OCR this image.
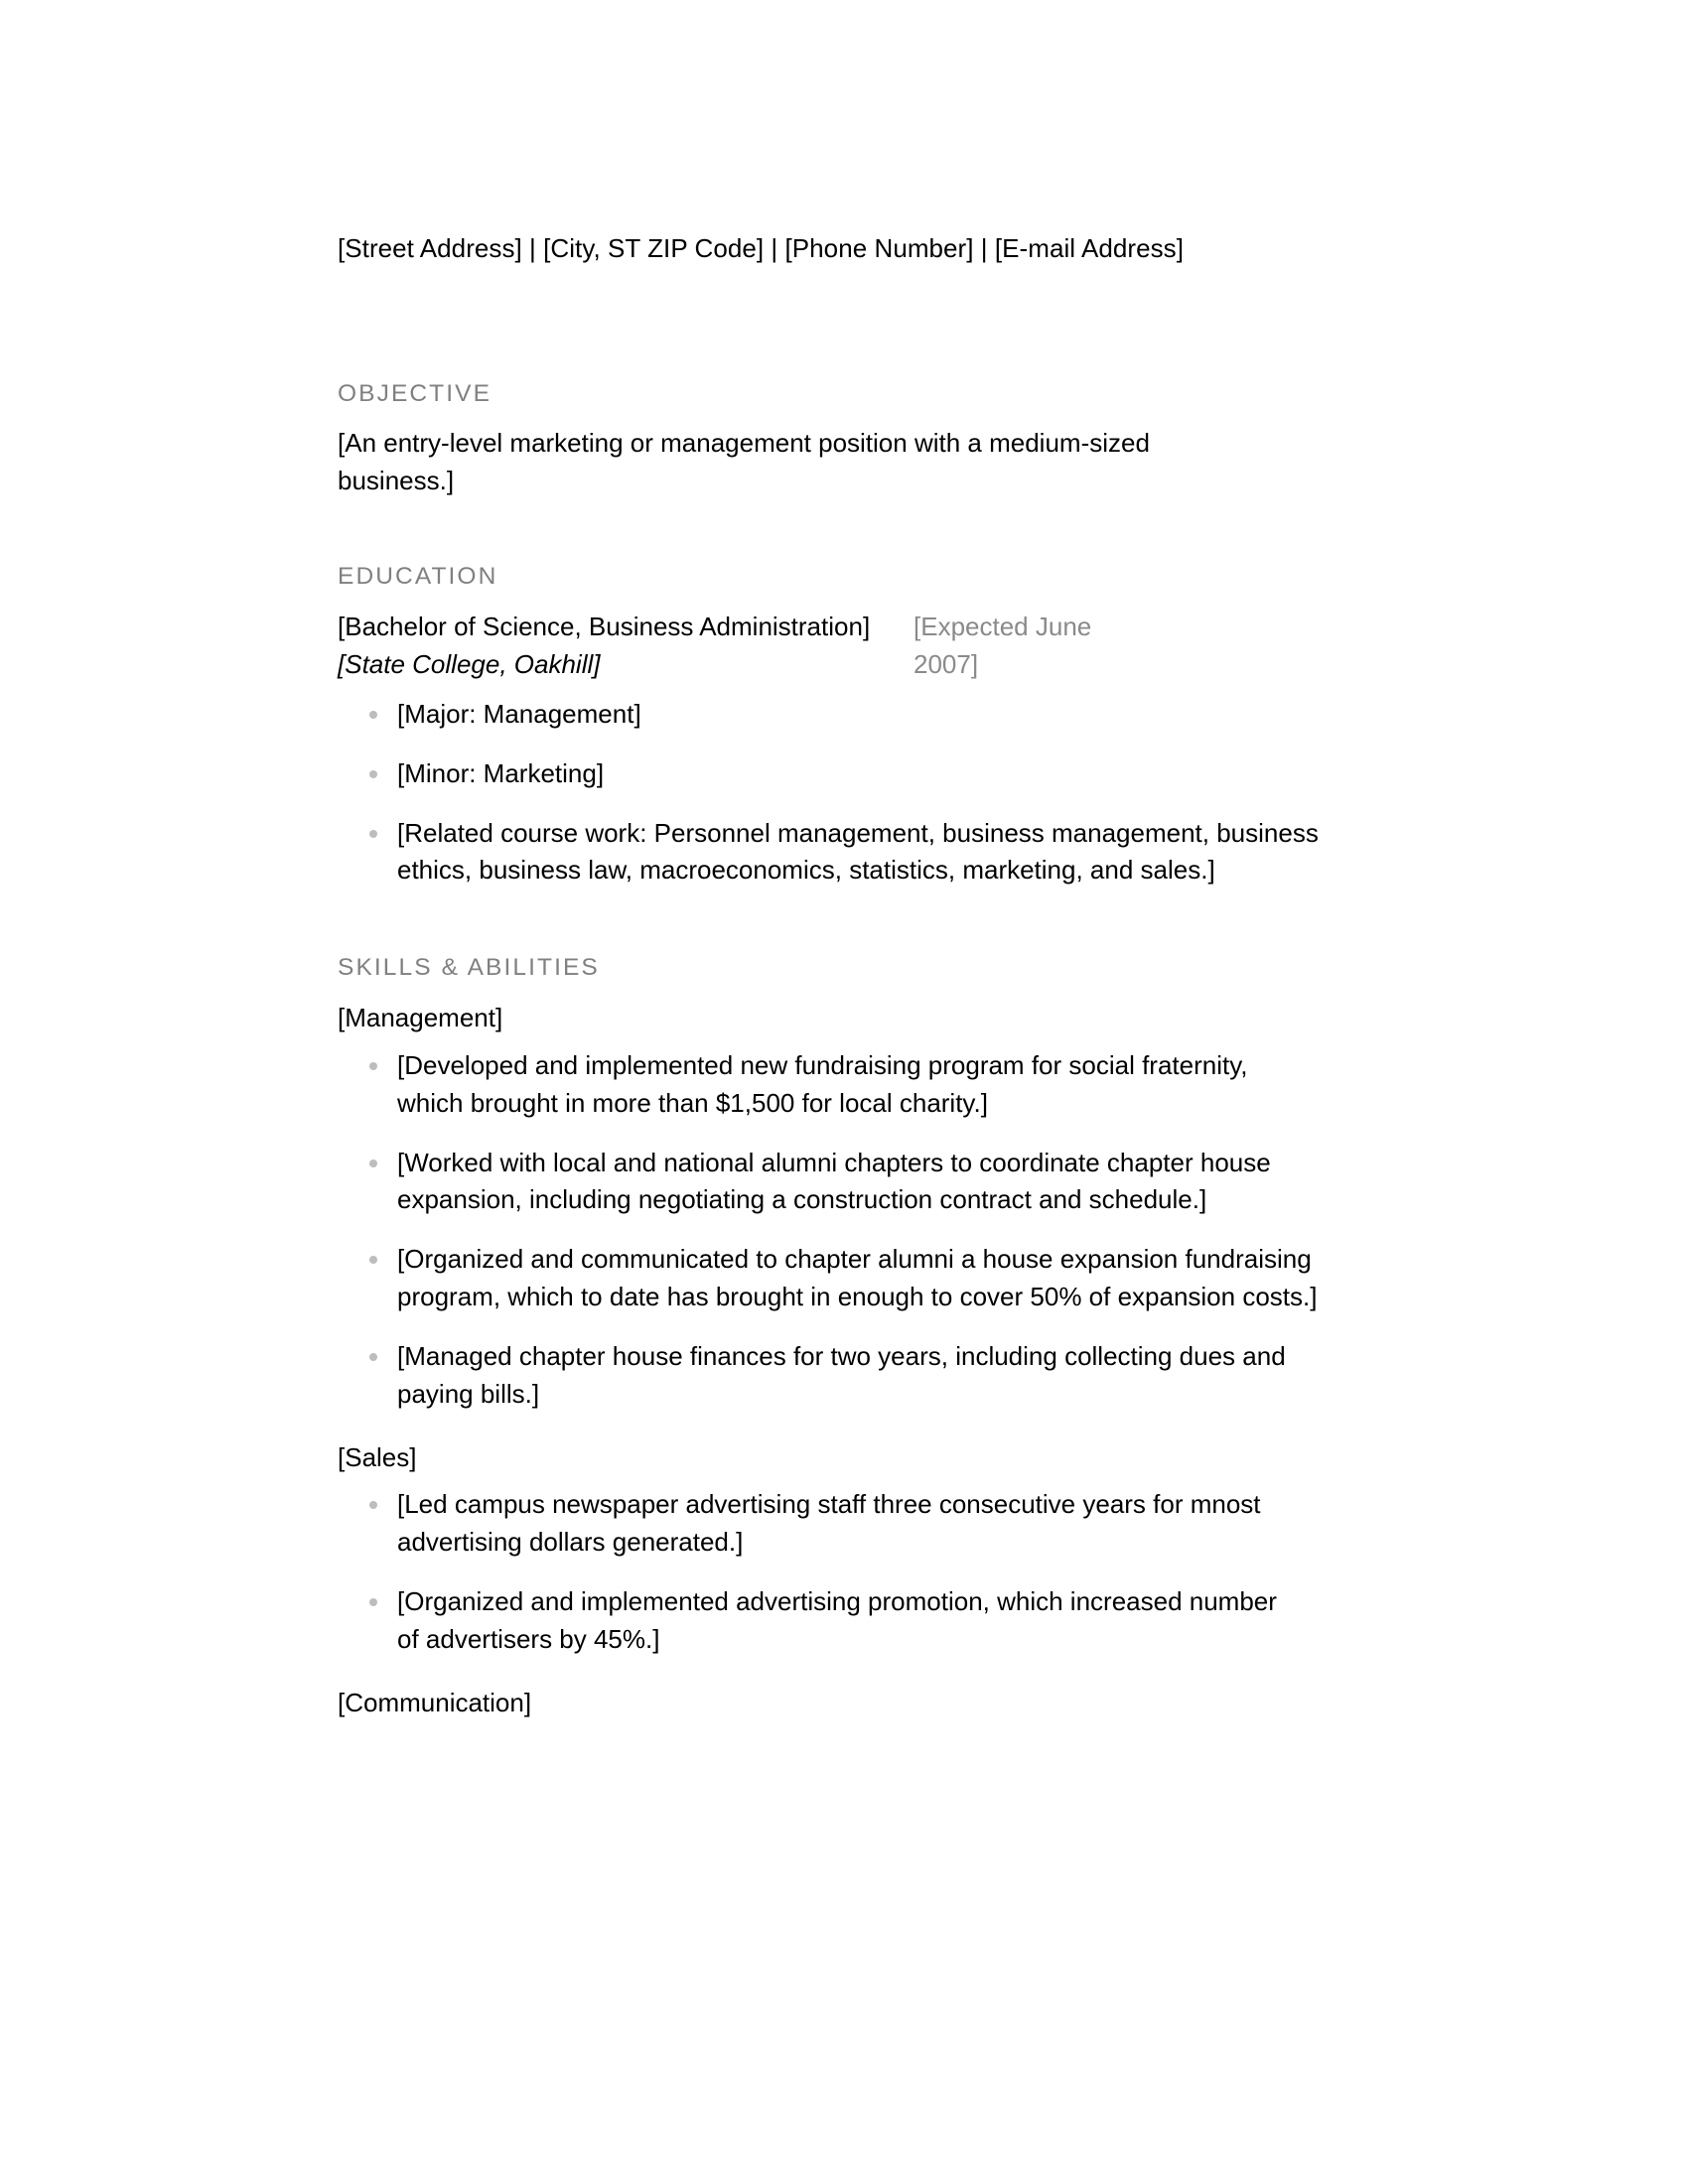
[Street Address] | [City, ST ZIP Code] | [Phone Number] | [E-mail Address]

OBJECTIVE

[An entry-level marketing or management position with a medium-sized business.]

EDUCATION
[Bachelor of Science, Business Administration]	[Expected June
[State College, Oakhill]	2007]
[Major: Management]
[Minor: Marketing]
[Related course work: Personnel management, business management, business ethics, business law, macroeconomics, statistics, marketing, and sales.]
SKILLS & ABILITIES

[Management]

[Developed and implemented new fundraising program for social fraternity, which brought in more than $1,500 for local charity.]
[Worked with local and national alumni chapters to coordinate chapter house expansion, including negotiating a construction contract and schedule.]
[Organized and communicated to chapter alumni a house expansion fundraising program, which to date has brought in enough to cover 50% of expansion costs.]
[Managed chapter house finances for two years, including collecting dues and paying bills.]

[Sales]

[Led campus newspaper advertising staff three consecutive years for mnost advertising dollars generated.]
[Organized and implemented advertising promotion, which increased number of advertisers by 45%.]

[Communication]
